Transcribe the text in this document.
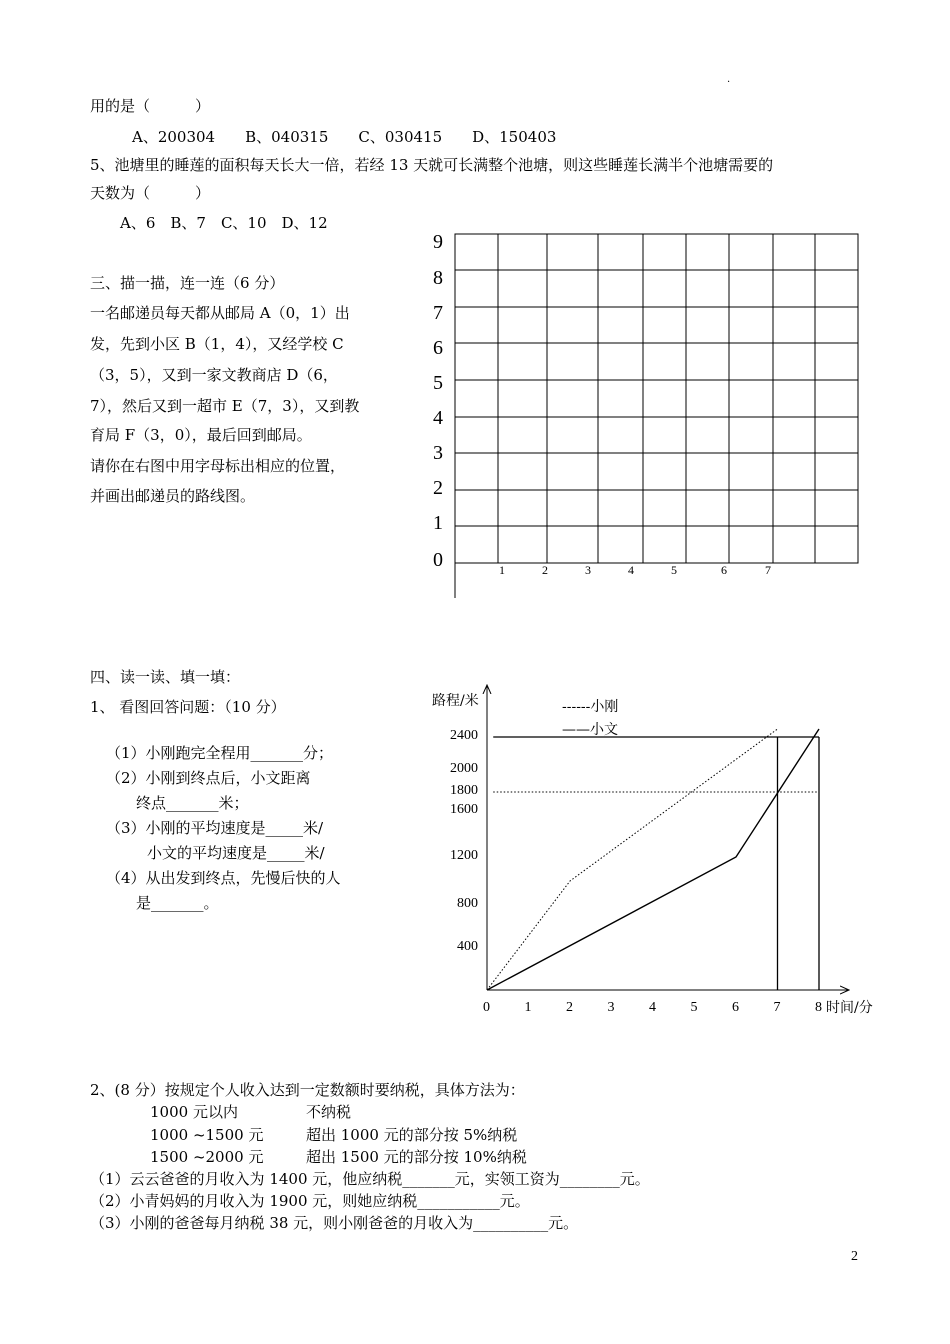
.
用的是（　　　）
A、200304　　B、040315　　C、030415　　D、150403
5、池塘里的睡莲的面积每天长大一倍，若经 13 天就可长满整个池塘，则这些睡莲长满半个池塘需要的
天数为（　　　）
A、6　B、7　C、10　D、12
三、描一描，连一连（6 分）
一名邮递员每天都从邮局 A（0，1）出
发，先到小区 B（1，4），又经学校 C
（3，5），又到一家文教商店 D（6，
7），然后又到一超市 E（7，3），又到教
育局 F（3，0），最后回到邮局。
请你在右图中用字母标出相应的位置，
并画出邮递员的路线图。
9
8
7
6
5
4
3
2
1
0	1	2	3	4	5	6	7
四、读一读、填一填：
1、 看图回答问题：（10 分）
（1）小刚跑完全程用_______分；
（2）小刚到终点后，小文距离
终点_______米；
（3）小刚的平均速度是_____米/
小文的平均速度是_____米/
（4）从出发到终点，先慢后快的人
是_______。
路程/米
时间/分
------小刚
——小文
0 1 2 3 4 5 6 7 8
2400
2000
1800
1600
1200
800
400
2、(8 分）按规定个人收入达到一定数额时要纳税，具体方法为：
1000 元以内	不纳税
1000 ~1500 元	超出 1000 元的部分按 5%纳税
1500 ~2000 元	超出 1500 元的部分按 10%纳税
（1）云云爸爸的月收入为 1400 元，他应纳税_______元，实领工资为________元。
（2）小青妈妈的月收入为 1900 元，则她应纳税___________元。
（3）小刚的爸爸每月纳税 38 元，则小刚爸爸的月收入为__________元。
2
